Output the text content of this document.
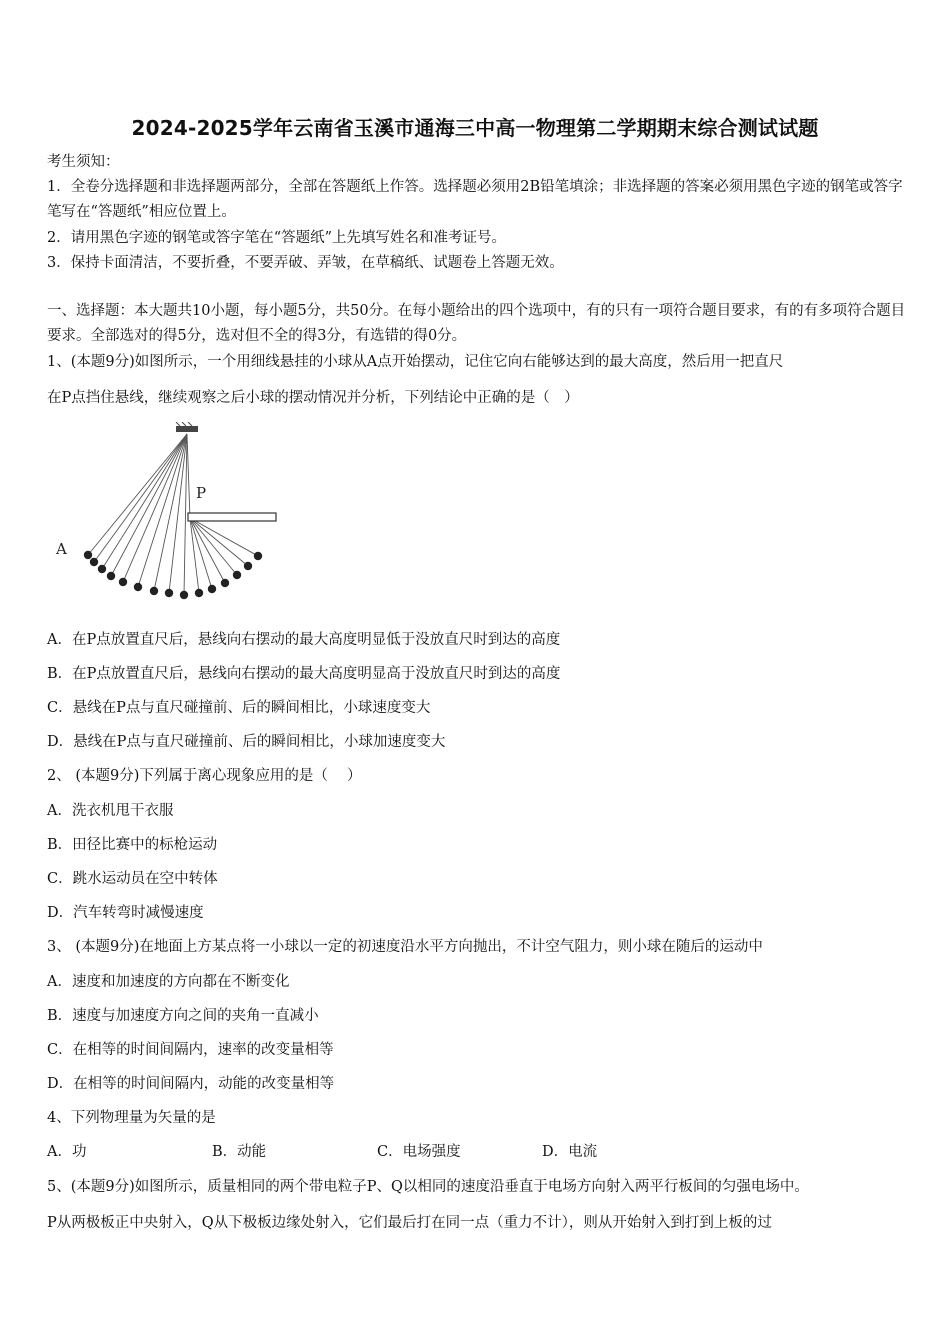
2024-2025学年云南省玉溪市通海三中高一物理第二学期期末综合测试试题
考生须知：
1．全卷分选择题和非选择题两部分，全部在答题纸上作答。选择题必须用2B铅笔填涂；非选择题的答案必须用黑色字迹的钢笔或答字笔写在“答题纸”相应位置上。
2．请用黑色字迹的钢笔或答字笔在“答题纸”上先填写姓名和准考证号。
3．保持卡面清洁，不要折叠，不要弄破、弄皱，在草稿纸、试题卷上答题无效。
一、选择题：本大题共10小题，每小题5分，共50分。在每小题给出的四个选项中，有的只有一项符合题目要求，有的有多项符合题目要求。全部选对的得5分，选对但不全的得3分，有选错的得0分。
1、(本题9分)如图所示，一个用细线悬挂的小球从A点开始摆动，记住它向右能够达到的最大高度，然后用一把直尺
在P点挡住悬线，继续观察之后小球的摆动情况并分析，下列结论中正确的是（　）
P
A
A．在P点放置直尺后，悬线向右摆动的最大高度明显低于没放直尺时到达的高度
B．在P点放置直尺后，悬线向右摆动的最大高度明显高于没放直尺时到达的高度
C．悬线在P点与直尺碰撞前、后的瞬间相比，小球速度变大
D．悬线在P点与直尺碰撞前、后的瞬间相比，小球加速度变大
2、 (本题9分)下列属于离心现象应用的是（　 ）
A．洗衣机甩干衣服
B．田径比赛中的标枪运动
C．跳水运动员在空中转体
D．汽车转弯时减慢速度
3、 (本题9分)在地面上方某点将一小球以一定的初速度沿水平方向抛出，不计空气阻力，则小球在随后的运动中
A．速度和加速度的方向都在不断变化
B．速度与加速度方向之间的夹角一直减小
C．在相等的时间间隔内，速率的改变量相等
D．在相等的时间间隔内，动能的改变量相等
4、下列物理量为矢量的是
A．功	B．动能	C．电场强度	D．电流
5、(本题9分)如图所示，质量相同的两个带电粒子P、Q以相同的速度沿垂直于电场方向射入两平行板间的匀强电场中。
P从两极板正中央射入，Q从下极板边缘处射入，它们最后打在同一点（重力不计），则从开始射入到打到上板的过
